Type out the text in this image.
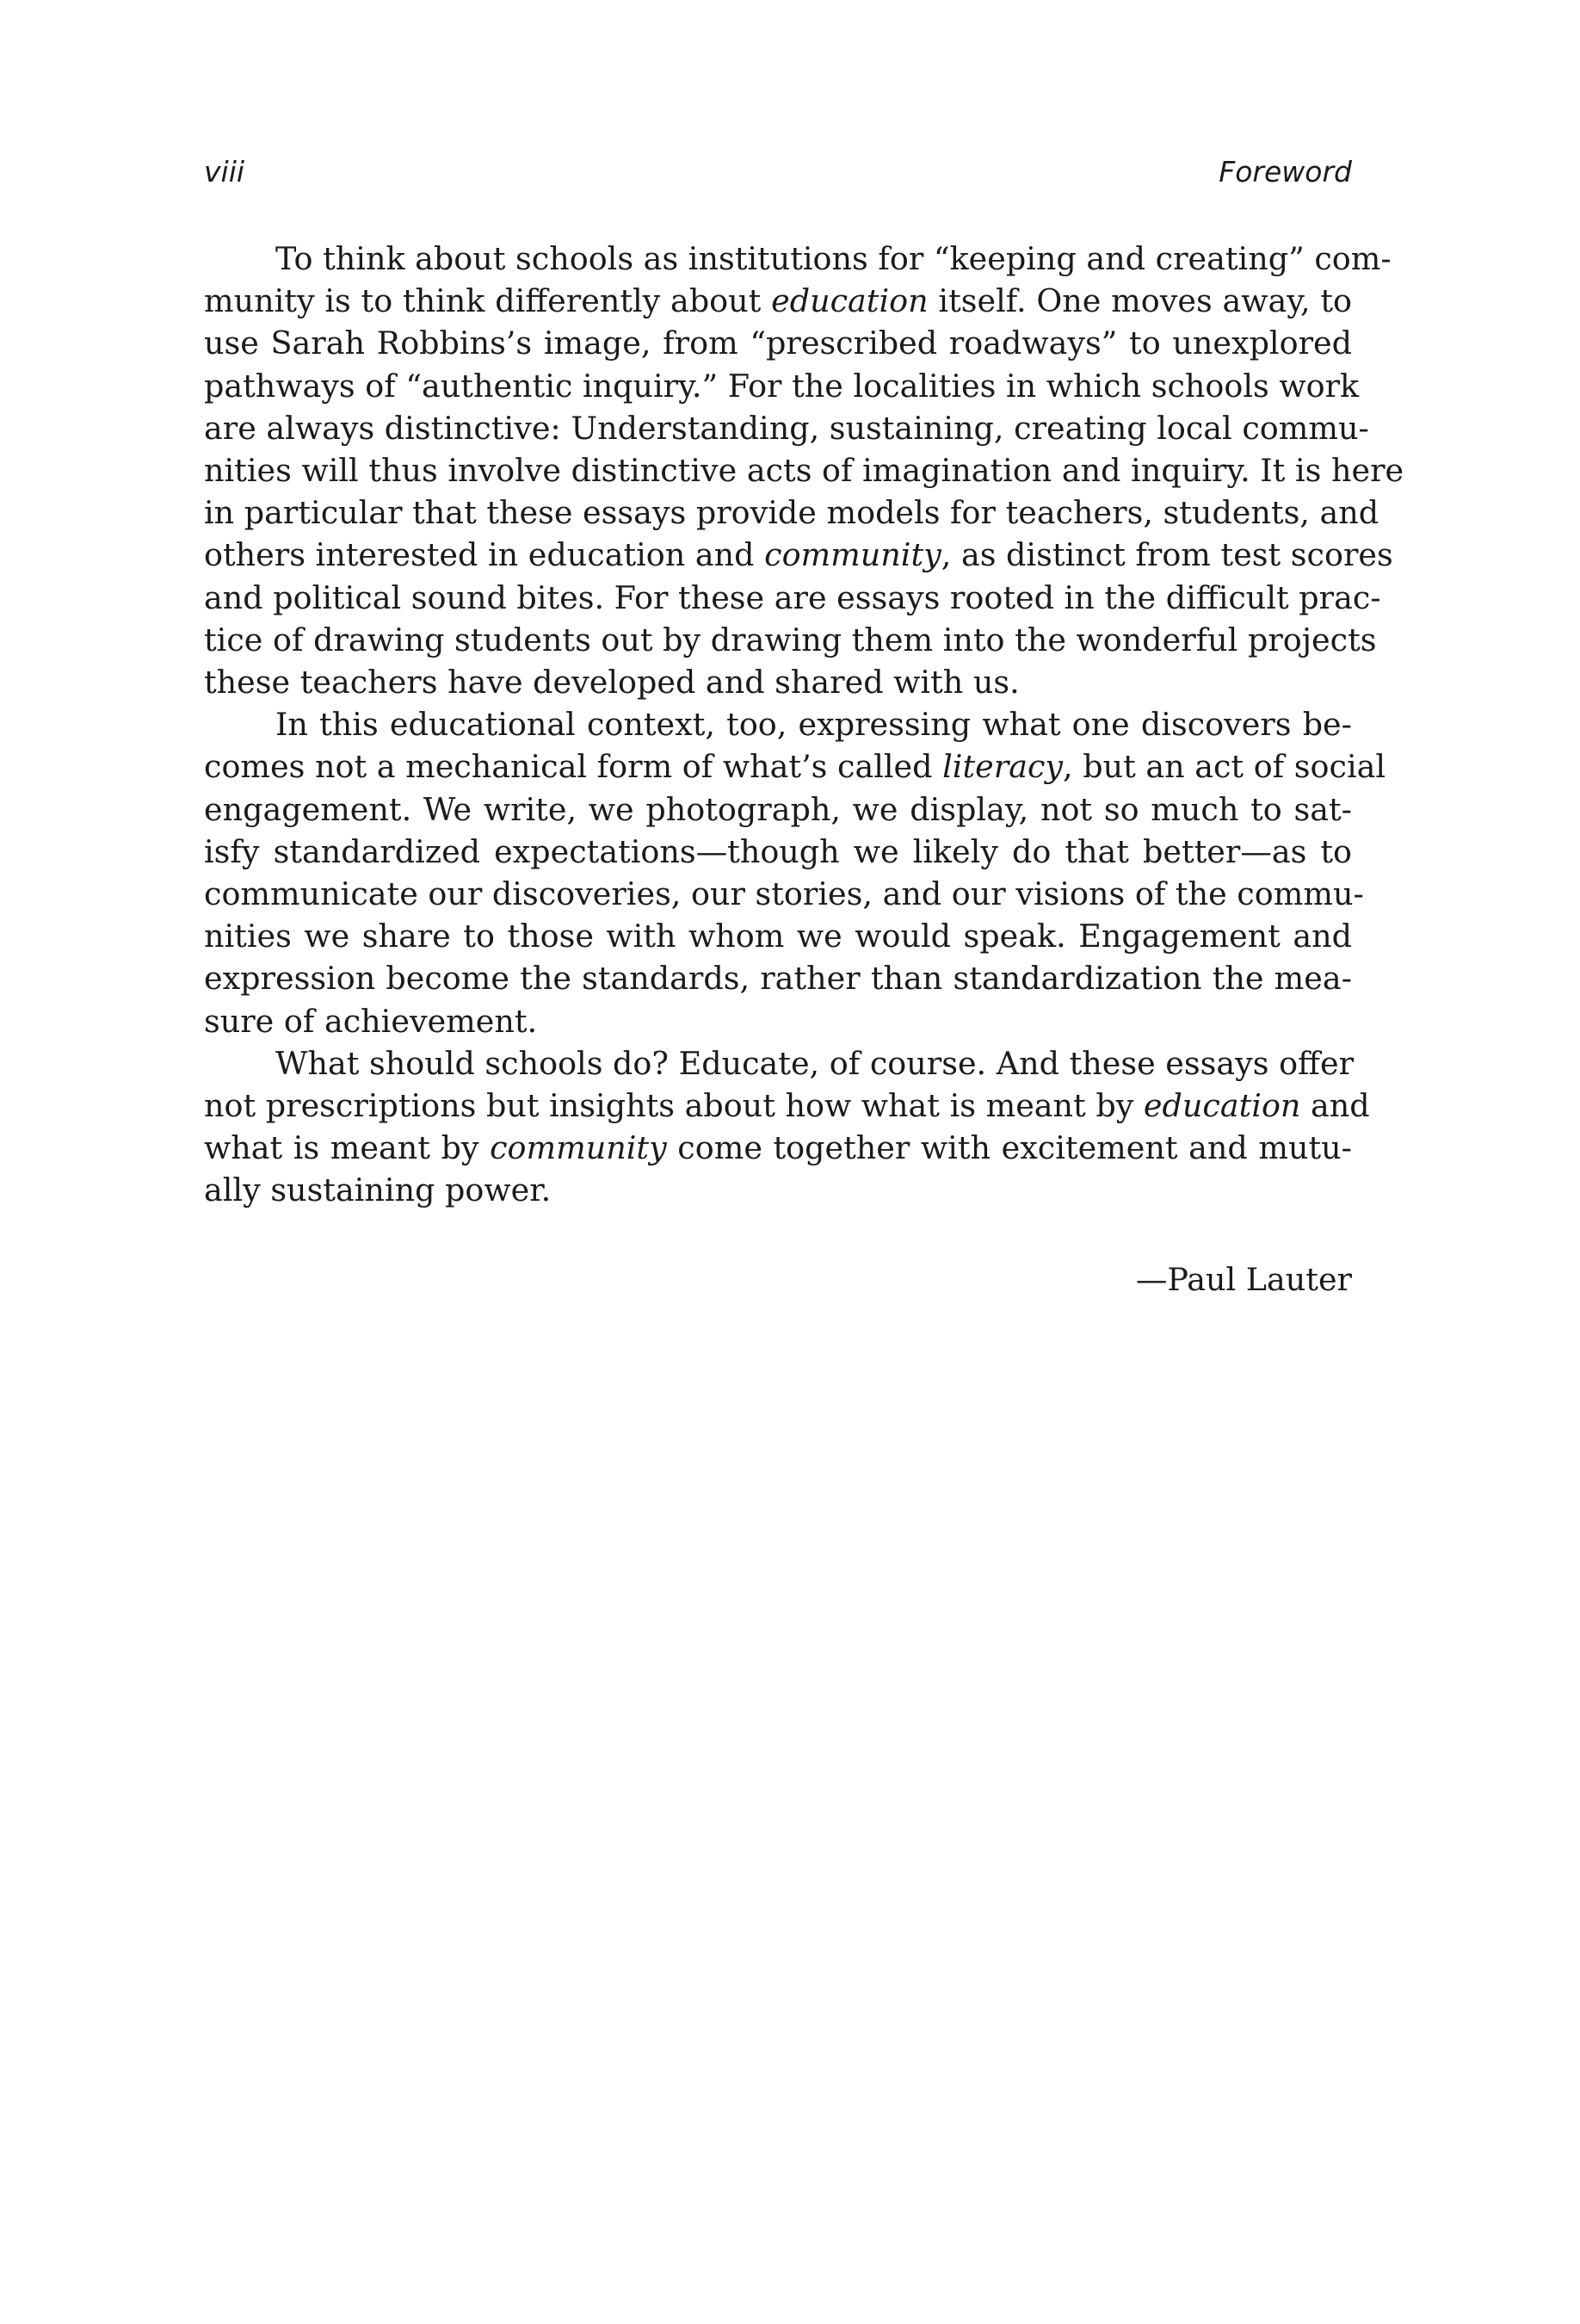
viii	Foreword

To think about schools as institutions for “keeping and creating” com-
munity is to think differently about education itself. One moves away, to
use Sarah Robbins’s image, from “prescribed roadways” to unexplored
pathways of “authentic inquiry.” For the localities in which schools work
are always distinctive: Understanding, sustaining, creating local commu-
nities will thus involve distinctive acts of imagination and inquiry. It is here
in particular that these essays provide models for teachers, students, and
others interested in education and community, as distinct from test scores
and political sound bites. For these are essays rooted in the difficult prac-
tice of drawing students out by drawing them into the wonderful projects
these teachers have developed and shared with us.

In this educational context, too, expressing what one discovers be-
comes not a mechanical form of what’s called literacy, but an act of social
engagement. We write, we photograph, we display, not so much to sat-
isfy standardized expectations—though we likely do that better—as to
communicate our discoveries, our stories, and our visions of the commu-
nities we share to those with whom we would speak. Engagement and
expression become the standards, rather than standardization the mea-
sure of achievement.

What should schools do? Educate, of course. And these essays offer
not prescriptions but insights about how what is meant by education and
what is meant by community come together with excitement and mutu-
ally sustaining power.

—Paul Lauter
